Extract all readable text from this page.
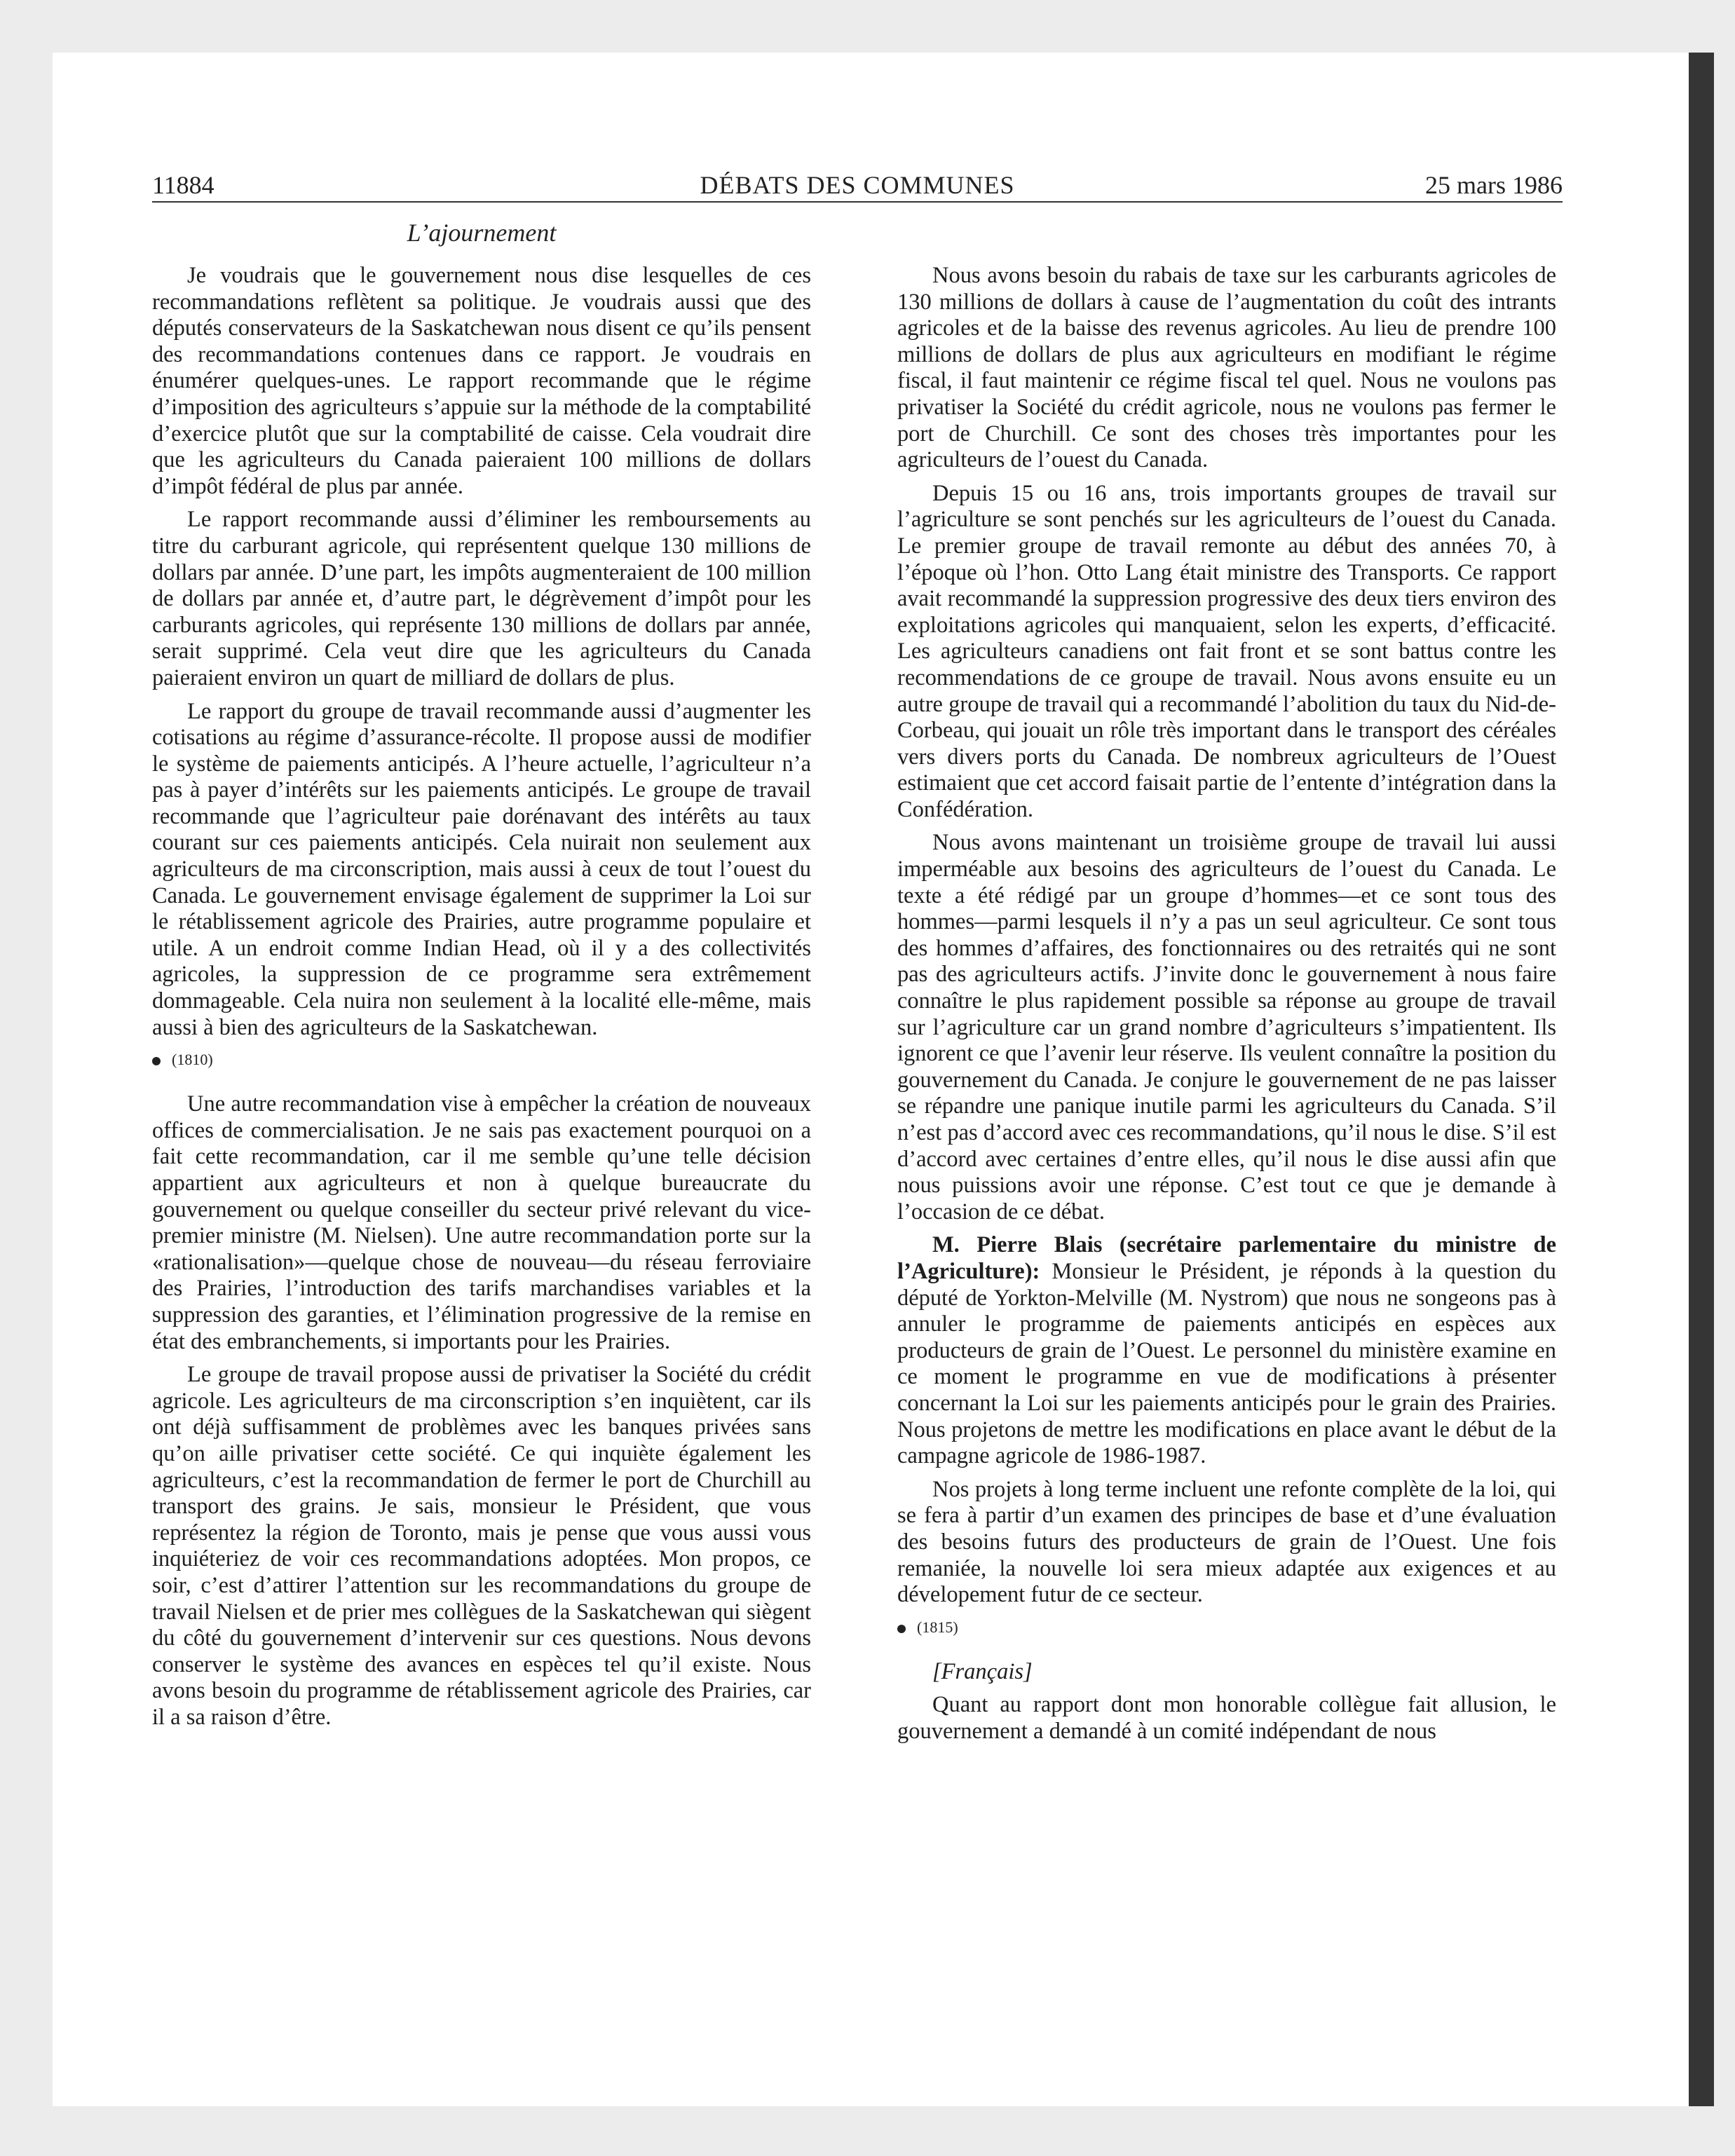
11884	DÉBATS DES COMMUNES	25 mars 1986
L’ajournement

Je voudrais que le gouvernement nous dise lesquelles de ces recommandations reflètent sa politique. Je voudrais aussi que des députés conservateurs de la Saskatchewan nous disent ce qu’ils pensent des recommandations contenues dans ce rapport. Je voudrais en énumérer quelques-unes. Le rapport recommande que le régime d’imposition des agriculteurs s’appuie sur la méthode de la comptabilité d’exercice plutôt que sur la comptabilité de caisse. Cela voudrait dire que les agriculteurs du Canada paieraient 100 millions de dollars d’impôt fédéral de plus par année.

Le rapport recommande aussi d’éliminer les remboursements au titre du carburant agricole, qui représentent quelque 130 millions de dollars par année. D’une part, les impôts augmenteraient de 100 million de dollars par année et, d’autre part, le dégrèvement d’impôt pour les carburants agricoles, qui représente 130 millions de dollars par année, serait supprimé. Cela veut dire que les agriculteurs du Canada paieraient environ un quart de milliard de dollars de plus.

Le rapport du groupe de travail recommande aussi d’augmenter les cotisations au régime d’assurance-récolte. Il propose aussi de modifier le système de paiements anticipés. A l’heure actuelle, l’agriculteur n’a pas à payer d’intérêts sur les paiements anticipés. Le groupe de travail recommande que l’agriculteur paie dorénavant des intérêts au taux courant sur ces paiements anticipés. Cela nuirait non seulement aux agriculteurs de ma circonscription, mais aussi à ceux de tout l’ouest du Canada. Le gouvernement envisage également de supprimer la Loi sur le rétablissement agricole des Prairies, autre programme populaire et utile. A un endroit comme Indian Head, où il y a des collectivités agricoles, la suppression de ce programme sera extrêmement dommageable. Cela nuira non seulement à la localité elle-même, mais aussi à bien des agriculteurs de la Saskatchewan.

(1810)

Une autre recommandation vise à empêcher la création de nouveaux offices de commercialisation. Je ne sais pas exactement pourquoi on a fait cette recommandation, car il me semble qu’une telle décision appartient aux agriculteurs et non à quelque bureaucrate du gouvernement ou quelque conseiller du secteur privé relevant du vice-premier ministre (M. Nielsen). Une autre recommandation porte sur la «rationalisation»—quelque chose de nouveau—du réseau ferroviaire des Prairies, l’introduction des tarifs marchandises variables et la suppression des garanties, et l’élimination progressive de la remise en état des embranchements, si importants pour les Prairies.

Le groupe de travail propose aussi de privatiser la Société du crédit agricole. Les agriculteurs de ma circonscription s’en inquiètent, car ils ont déjà suffisamment de problèmes avec les banques privées sans qu’on aille privatiser cette société. Ce qui inquiète également les agriculteurs, c’est la recommandation de fermer le port de Churchill au transport des grains. Je sais, monsieur le Président, que vous représentez la région de Toronto, mais je pense que vous aussi vous inquiéteriez de voir ces recommandations adoptées. Mon propos, ce soir, c’est d’attirer l’attention sur les recommandations du groupe de travail Nielsen et de prier mes collègues de la Saskatchewan qui siègent du côté du gouvernement d’intervenir sur ces questions. Nous devons conserver le système des avances en espèces tel qu’il existe. Nous avons besoin du programme de rétablissement agricole des Prairies, car il a sa raison d’être.

Nous avons besoin du rabais de taxe sur les carburants agricoles de 130 millions de dollars à cause de l’augmentation du coût des intrants agricoles et de la baisse des revenus agricoles. Au lieu de prendre 100 millions de dollars de plus aux agriculteurs en modifiant le régime fiscal, il faut maintenir ce régime fiscal tel quel. Nous ne voulons pas privatiser la Société du crédit agricole, nous ne voulons pas fermer le port de Churchill. Ce sont des choses très importantes pour les agriculteurs de l’ouest du Canada.

Depuis 15 ou 16 ans, trois importants groupes de travail sur l’agriculture se sont penchés sur les agriculteurs de l’ouest du Canada. Le premier groupe de travail remonte au début des années 70, à l’époque où l’hon. Otto Lang était ministre des Transports. Ce rapport avait recommandé la suppression progressive des deux tiers environ des exploitations agricoles qui manquaient, selon les experts, d’efficacité. Les agriculteurs canadiens ont fait front et se sont battus contre les recommendations de ce groupe de travail. Nous avons ensuite eu un autre groupe de travail qui a recommandé l’abolition du taux du Nid-de-Corbeau, qui jouait un rôle très important dans le transport des céréales vers divers ports du Canada. De nombreux agriculteurs de l’Ouest estimaient que cet accord faisait partie de l’entente d’intégration dans la Confédération.

Nous avons maintenant un troisième groupe de travail lui aussi imperméable aux besoins des agriculteurs de l’ouest du Canada. Le texte a été rédigé par un groupe d’hommes—et ce sont tous des hommes—parmi lesquels il n’y a pas un seul agriculteur. Ce sont tous des hommes d’affaires, des fonctionnaires ou des retraités qui ne sont pas des agriculteurs actifs. J’invite donc le gouvernement à nous faire connaître le plus rapidement possible sa réponse au groupe de travail sur l’agriculture car un grand nombre d’agriculteurs s’impatientent. Ils ignorent ce que l’avenir leur réserve. Ils veulent connaître la position du gouvernement du Canada. Je conjure le gouvernement de ne pas laisser se répandre une panique inutile parmi les agriculteurs du Canada. S’il n’est pas d’accord avec ces recommandations, qu’il nous le dise. S’il est d’accord avec certaines d’entre elles, qu’il nous le dise aussi afin que nous puissions avoir une réponse. C’est tout ce que je demande à l’occasion de ce débat.

M. Pierre Blais (secrétaire parlementaire du ministre de l’Agriculture): Monsieur le Président, je réponds à la question du député de Yorkton-Melville (M. Nystrom) que nous ne songeons pas à annuler le programme de paiements anticipés en espèces aux producteurs de grain de l’Ouest. Le personnel du ministère examine en ce moment le programme en vue de modifications à présenter concernant la Loi sur les paiements anticipés pour le grain des Prairies. Nous projetons de mettre les modifications en place avant le début de la campagne agricole de 1986-1987.

Nos projets à long terme incluent une refonte complète de la loi, qui se fera à partir d’un examen des principes de base et d’une évaluation des besoins futurs des producteurs de grain de l’Ouest. Une fois remaniée, la nouvelle loi sera mieux adaptée aux exigences et au dévelopement futur de ce secteur.

(1815)

[Français]

Quant au rapport dont mon honorable collègue fait allusion, le gouvernement a demandé à un comité indépendant de nous
